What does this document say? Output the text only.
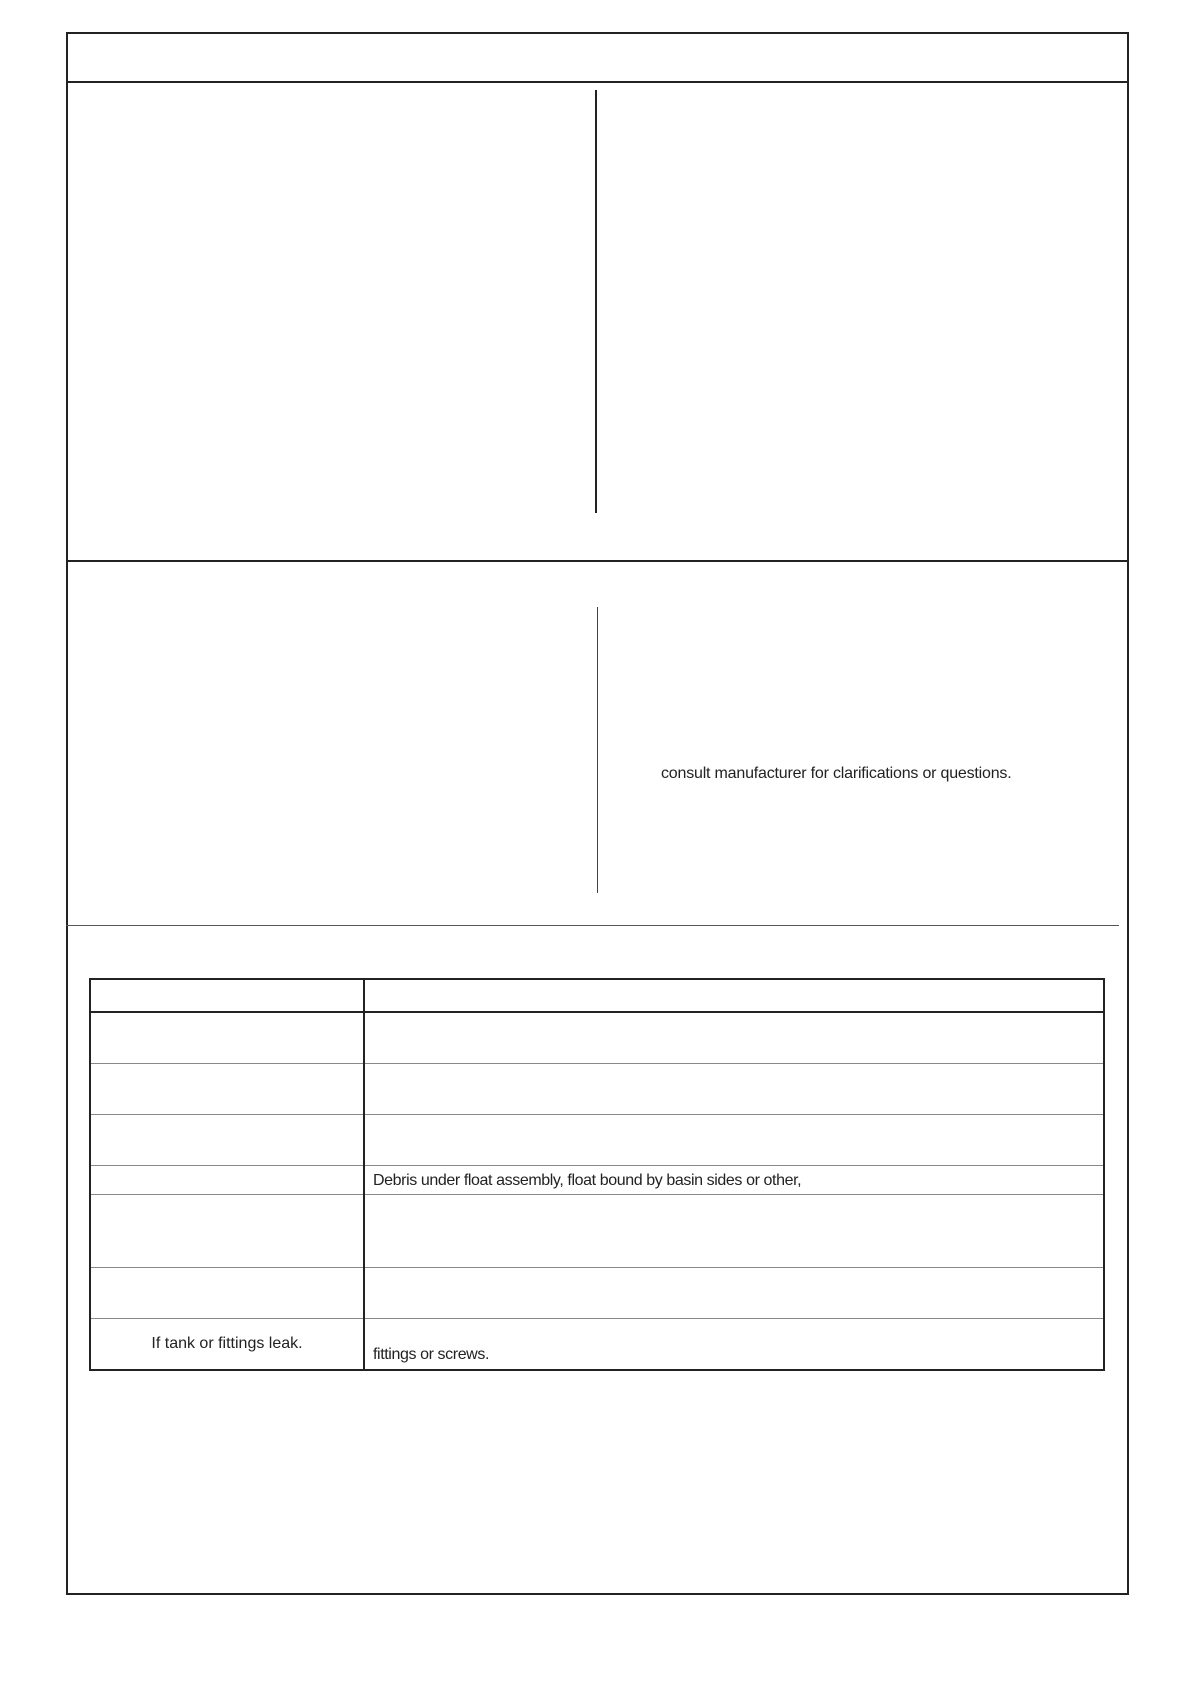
consult manufacturer for clarifications or questions.

	Debris under float assembly, float bound by basin sides or other,

If tank or fittings leak.	fittings or screws.
